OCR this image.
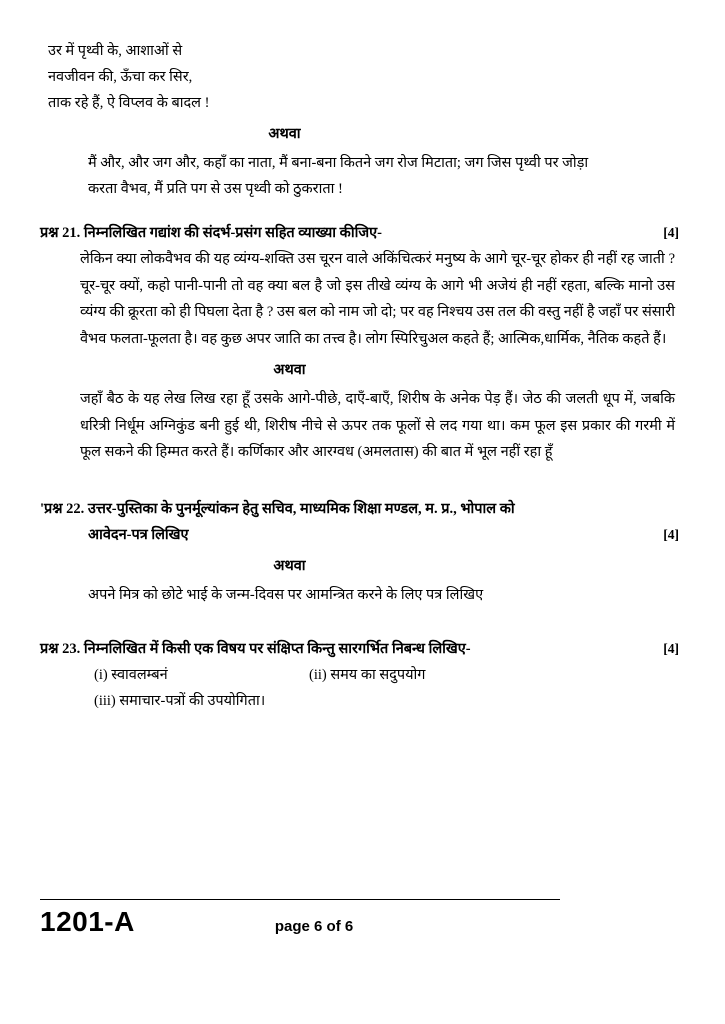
उर में पृथ्वी के, आशाओं से
नवजीवन की, ऊँचा कर सिर,
ताक रहे हैं, ऐ विप्लव के बादल !
अथवा
मैं और, और जग और, कहाँ का नाता, मैं बना-बना कितने जग रोज मिटाता; जग जिस पृथ्वी पर जोड़ा
करता वैभव, मैं प्रति पग से उस पृथ्वी को ठुकराता !
प्रश्न 21. निम्नलिखित गद्यांश की संदर्भ-प्रसंग सहित व्याख्या कीजिए-	[4]
लेकिन क्या लोकवैभव की यह व्यंग्य-शक्ति उस चूरन वाले अकिंचित्करं मनुष्य के आगे चूर-चूर होकर ही नहीं रह जाती ? चूर-चूर क्यों, कहो पानी-पानी तो वह क्या बल है जो इस तीखे व्यंग्य के आगे भी अजेयं ही नहीं रहता, बल्कि मानो उस व्यंग्य की क्रूरता को ही पिघला देता है ? उस बल को नाम जो दो; पर वह निश्चय उस तल की वस्तु नहीं है जहाँ पर संसारी वैभव फलता-फूलता है। वह कुछ अपर जाति का तत्त्व है। लोग स्पिरिचुअल कहते हैं; आत्मिक,धार्मिक, नैतिक कहते हैं।
अथवा
जहाँ बैठ के यह लेख लिख रहा हूँ उसके आगे-पीछे, दाएँ-बाएँ, शिरीष के अनेक पेड़ हैं। जेठ की जलती धूप में, जबकि धरित्री निर्धूम अग्निकुंड बनी हुई थी, शिरीष नीचे से ऊपर तक फूलों से लद गया था। कम फूल इस प्रकार की गरमी में फूल सकने की हिम्मत करते हैं। कर्णिकार और आरग्वध (अमलतास) की बात में भूल नहीं रहा हूँ
'प्रश्न 22. उत्तर-पुस्तिका के पुनर्मूल्यांकन हेतु सचिव, माध्यमिक शिक्षा मण्डल, म. प्र., भोपाल को
आवेदन-पत्र लिखिए	[4]
अथवा
अपने मित्र को छोटे भाई के जन्म-दिवस पर आमन्त्रित करने के लिए पत्र लिखिए
प्रश्न 23. निम्नलिखित में किसी एक विषय पर संक्षिप्त किन्तु सारगर्भित निबन्ध लिखिए-	[4]
(i) स्वावलम्बनं	(ii) समय का सदुपयोग
(iii) समाचार-पत्रों की उपयोगिता।
1201-A	page 6 of 6
